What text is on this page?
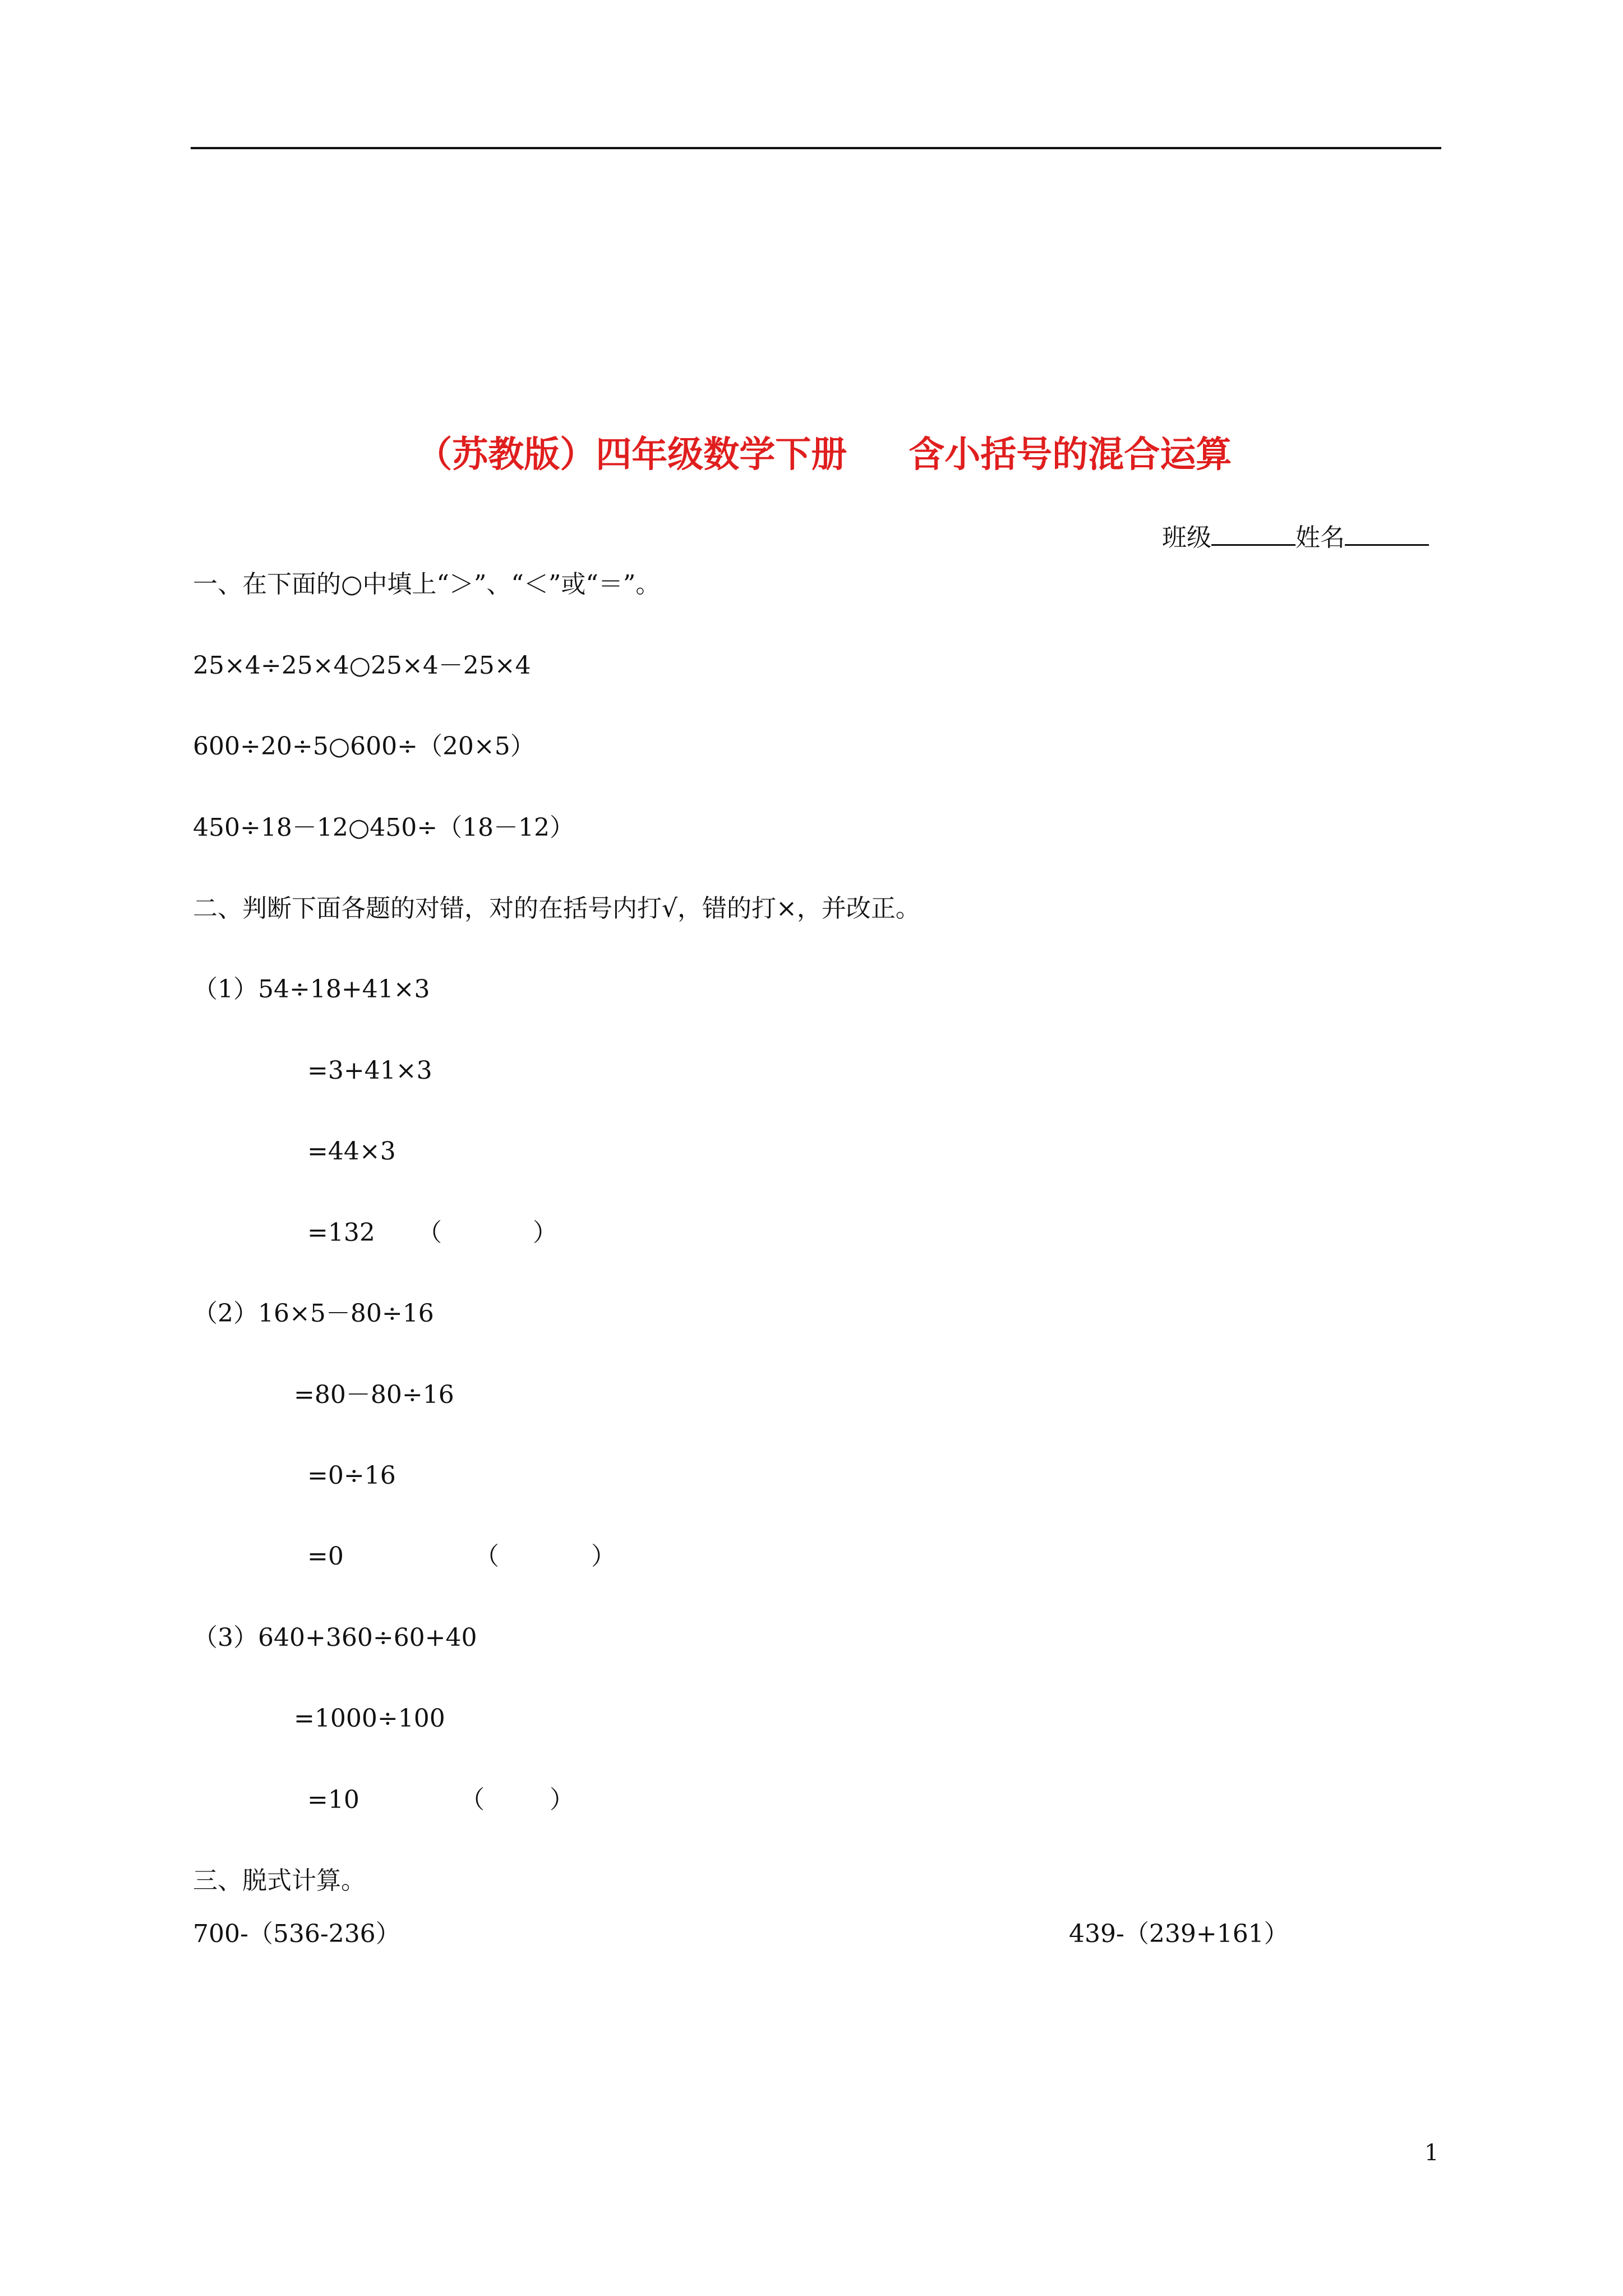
（苏教版）四年级数学下册 含小括号的混合运算

班级	姓名

一、在下面的○中填上“＞”、“＜”或“＝”。
25×4÷25×4○25×4－25×4
600÷20÷5○600÷（20×5）
450÷18－12○450÷（18－12）
二、判断下面各题的对错，对的在括号内打√，错的打×，并改正。
（1）54÷18+41×3
=3+41×3
=44×3
=132 （	）
（2）16×5－80÷16
=80－80÷16
=0÷16
=0	（	）
（3）640+360÷60+40
=1000÷100
=10	（	）
三、脱式计算。
700-（536-236）	439-（239+161）
1
